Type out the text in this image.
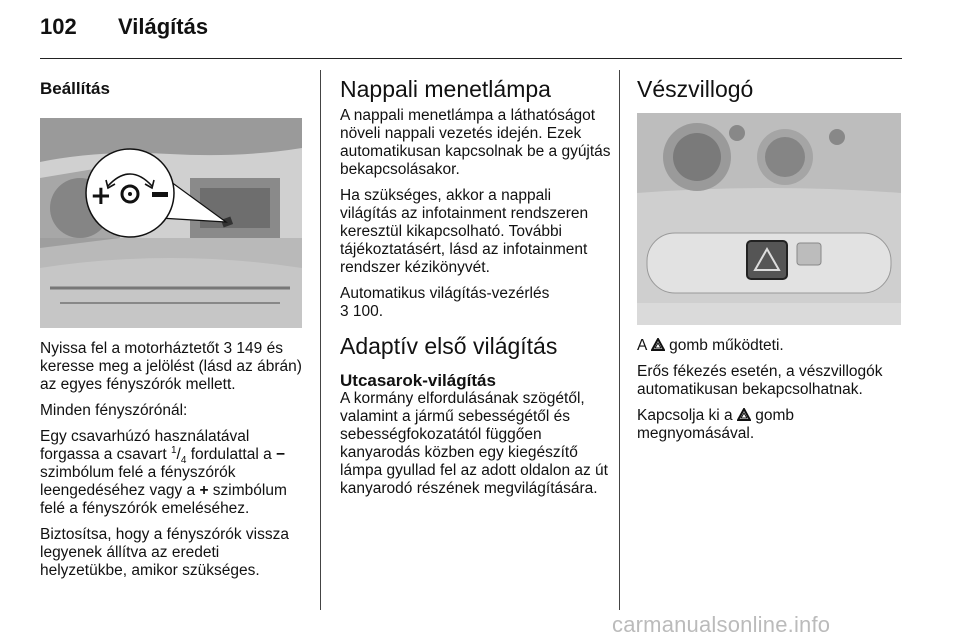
102 Világítás
Beállítás
+

Nyissa fel a motorháztetőt 3 149 és keresse meg a jelölést (lásd az ábrán) az egyes fényszórók mellett.

Minden fényszórónál:

Egy csavarhúzó használatával forgassa a csavart $^1/_4$ fordulattal a − szimbólum felé a fényszórók leengedéséhez vagy a + szimbólum felé a fényszórók emeléséhez.

Biztosítsa, hogy a fényszórók vissza legyenek állítva az eredeti helyzetükbe, amikor szükséges.

Nappali menetlámpa

A nappali menetlámpa a láthatóságot növeli nappali vezetés idején. Ezek automatikusan kapcsolnak be a gyújtás bekapcsolásakor.

Ha szükséges, akkor a nappali világítás az infotainment rendszeren keresztül kikapcsolható. További tájékoztatásért, lásd az infotainment rendszer kézikönyvét.

Automatikus világítás-vezérlés
3 100.

Adaptív első világítás
Utcasarok-világítás

A kormány elfordulásának szögétől, valamint a jármű sebességétől és sebességfokozatától függően kanyarodás közben egy kiegészítő lámpa gyullad fel az adott oldalon az út kanyarodó részének megvilágítására.

Vészvillogó

A  gomb működteti.

Erős fékezés esetén, a vészvillogók automatikusan bekapcsolhatnak.

Kapcsolja ki a  gomb megnyomásával.

carmanualsonline.info
